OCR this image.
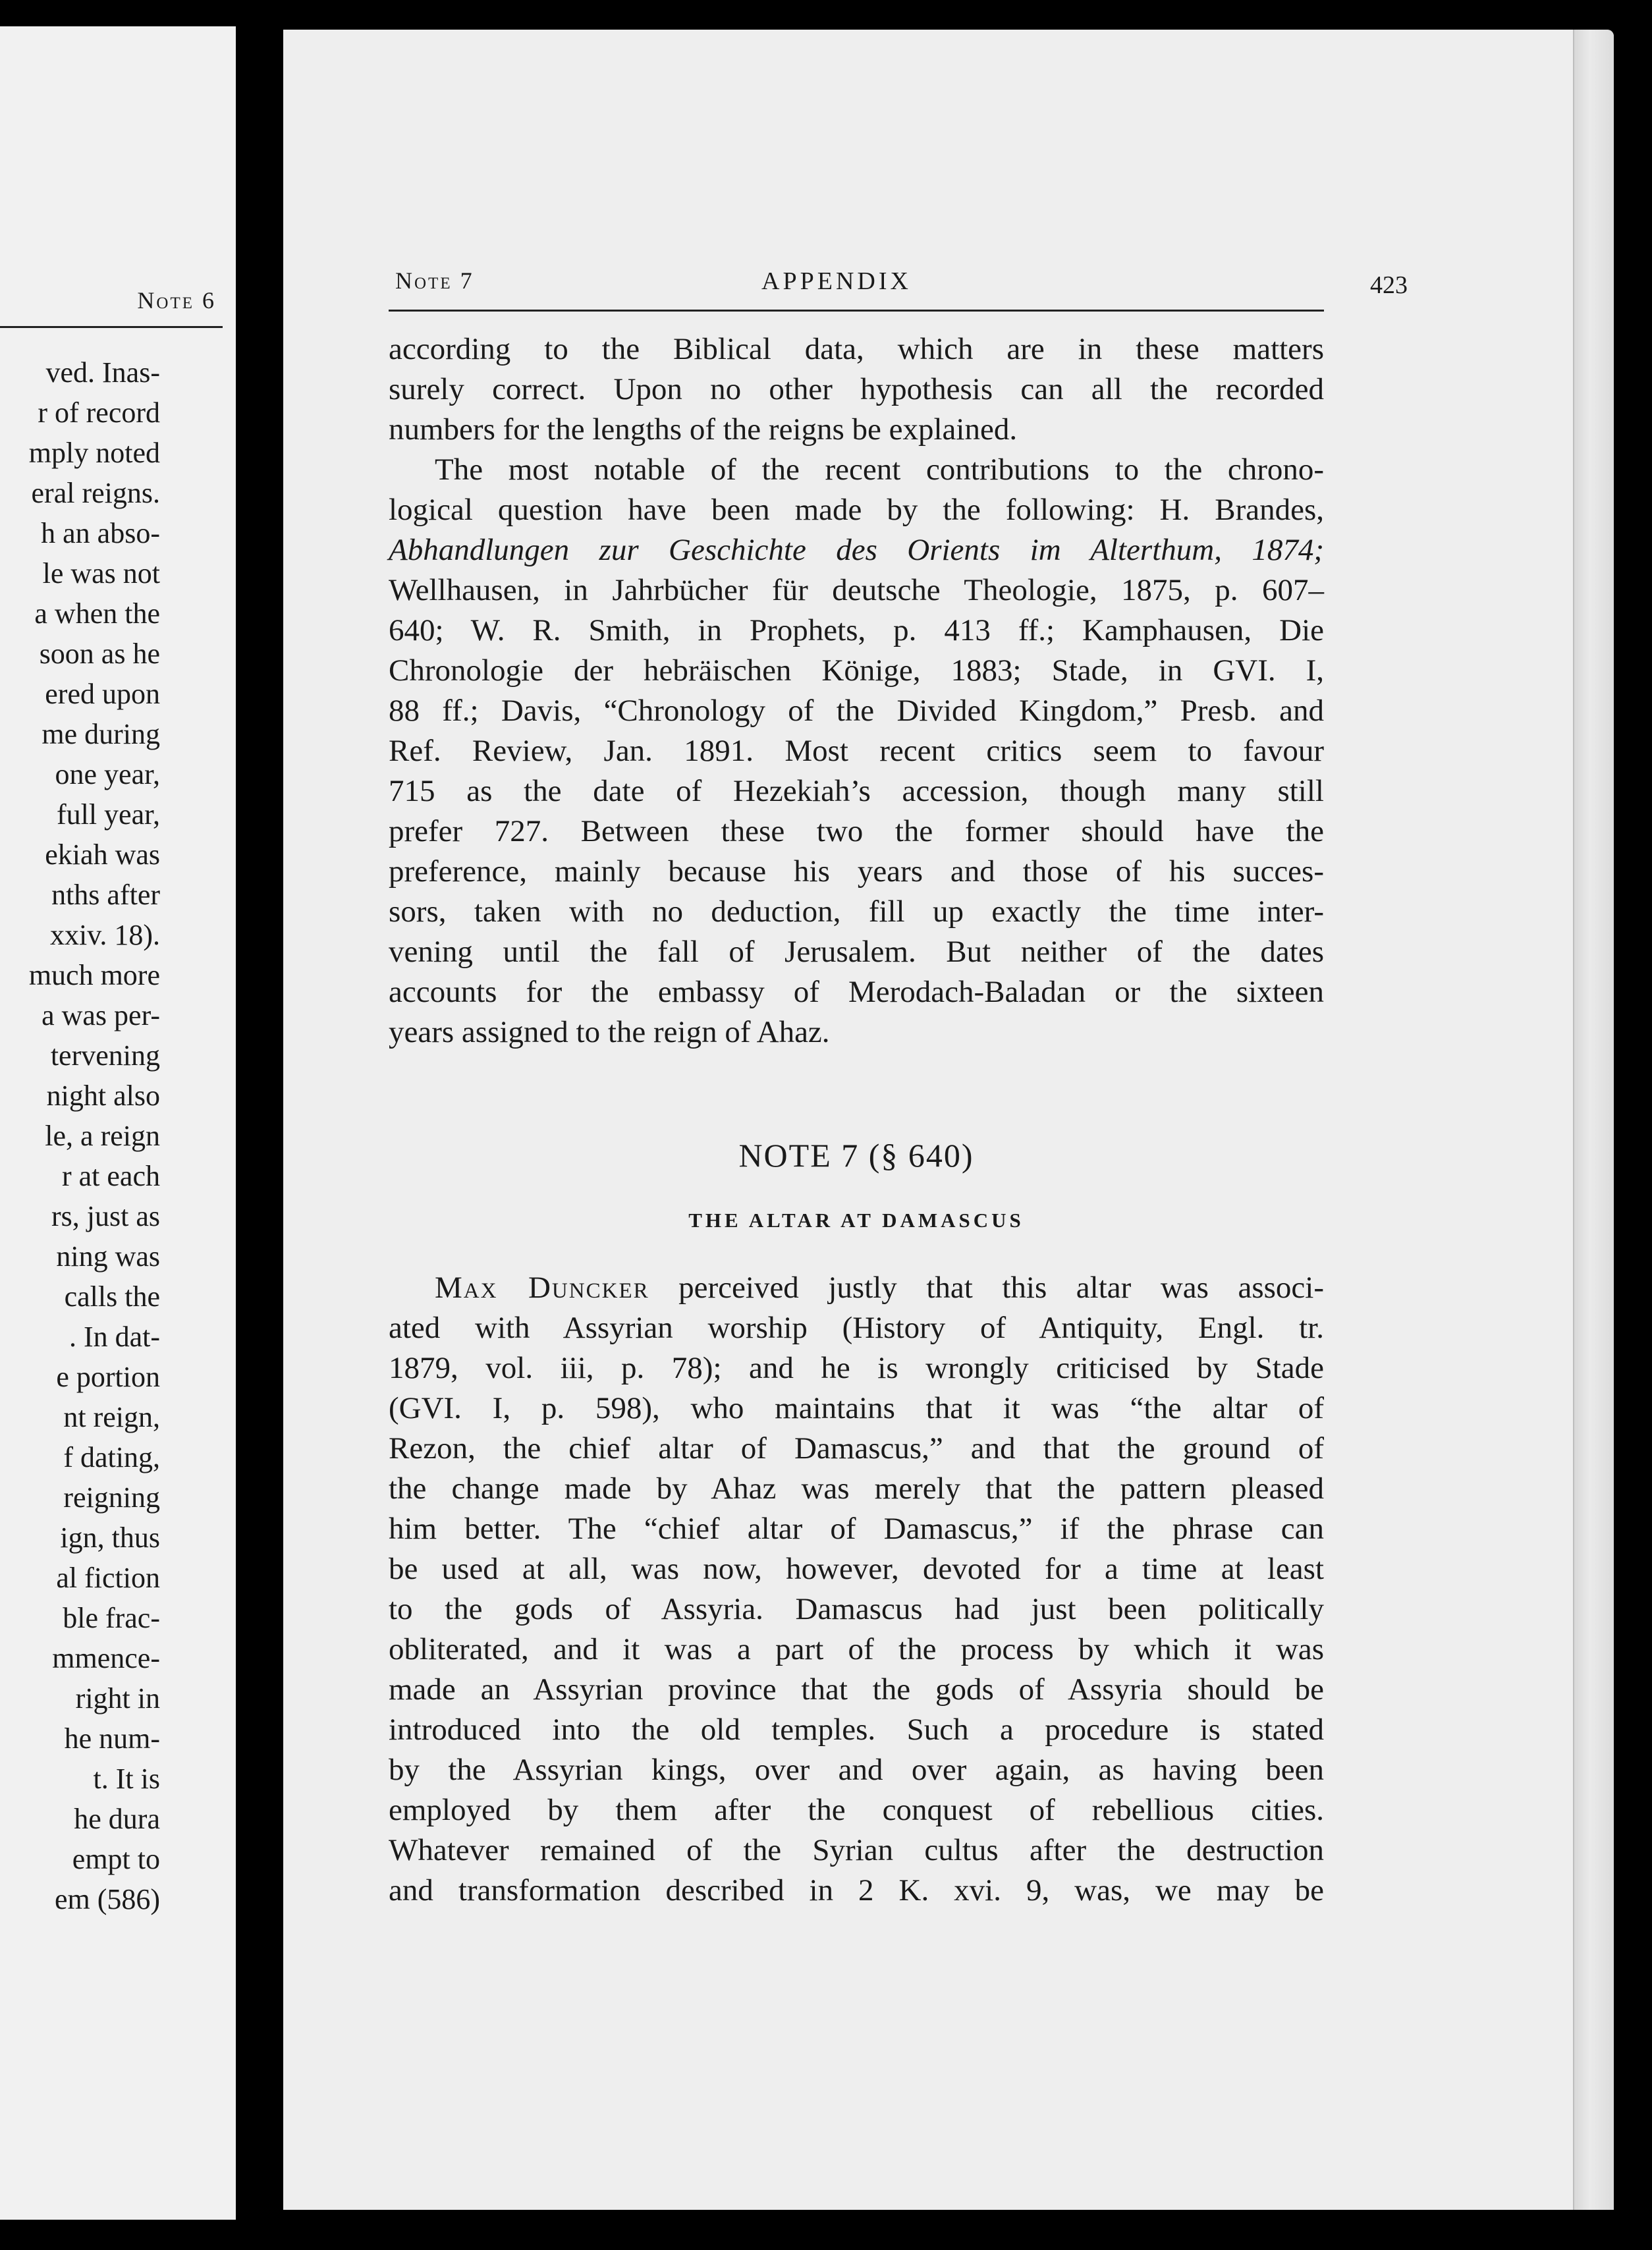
Note 6
ved. Inas-
r of record
mply noted
eral reigns.
h an abso-
le was not
a when the
soon as he
ered upon
me during
one year,
full year,
ekiah was
nths after
xxiv. 18).
much more
a was per-
tervening
night also
le, a reign
r at each
rs, just as
ning was
calls the
. In dat-
e portion
nt reign,
f dating,
reigning
ign, thus
al fiction
ble frac-
mmence-
right in
he num-
t. It is
he dura
empt to
em (586)
Note 7	APPENDIX	423
according to the Biblical data, which are in these matters
surely correct. Upon no other hypothesis can all the recorded
numbers for the lengths of the reigns be explained.
The most notable of the recent contributions to the chrono-
logical question have been made by the following: H. Brandes,
Abhandlungen zur Geschichte des Orients im Alterthum, 1874;
Wellhausen, in Jahrbücher für deutsche Theologie, 1875, p. 607–
640; W. R. Smith, in Prophets, p. 413 ff.; Kamphausen, Die
Chronologie der hebräischen Könige, 1883; Stade, in GVI. I,
88 ff.; Davis, “Chronology of the Divided Kingdom,” Presb. and
Ref. Review, Jan. 1891. Most recent critics seem to favour
715 as the date of Hezekiah’s accession, though many still
prefer 727. Between these two the former should have the
preference, mainly because his years and those of his succes-
sors, taken with no deduction, fill up exactly the time inter-
vening until the fall of Jerusalem. But neither of the dates
accounts for the embassy of Merodach-Baladan or the sixteen
years assigned to the reign of Ahaz.
NOTE 7 (§ 640)
THE ALTAR AT DAMASCUS
Max Duncker perceived justly that this altar was associ-
ated with Assyrian worship (History of Antiquity, Engl. tr.
1879, vol. iii, p. 78); and he is wrongly criticised by Stade
(GVI. I, p. 598), who maintains that it was “the altar of
Rezon, the chief altar of Damascus,” and that the ground of
the change made by Ahaz was merely that the pattern pleased
him better. The “chief altar of Damascus,” if the phrase can
be used at all, was now, however, devoted for a time at least
to the gods of Assyria. Damascus had just been politically
obliterated, and it was a part of the process by which it was
made an Assyrian province that the gods of Assyria should be
introduced into the old temples. Such a procedure is stated
by the Assyrian kings, over and over again, as having been
employed by them after the conquest of rebellious cities.
Whatever remained of the Syrian cultus after the destruction
and transformation described in 2 K. xvi. 9, was, we may be
